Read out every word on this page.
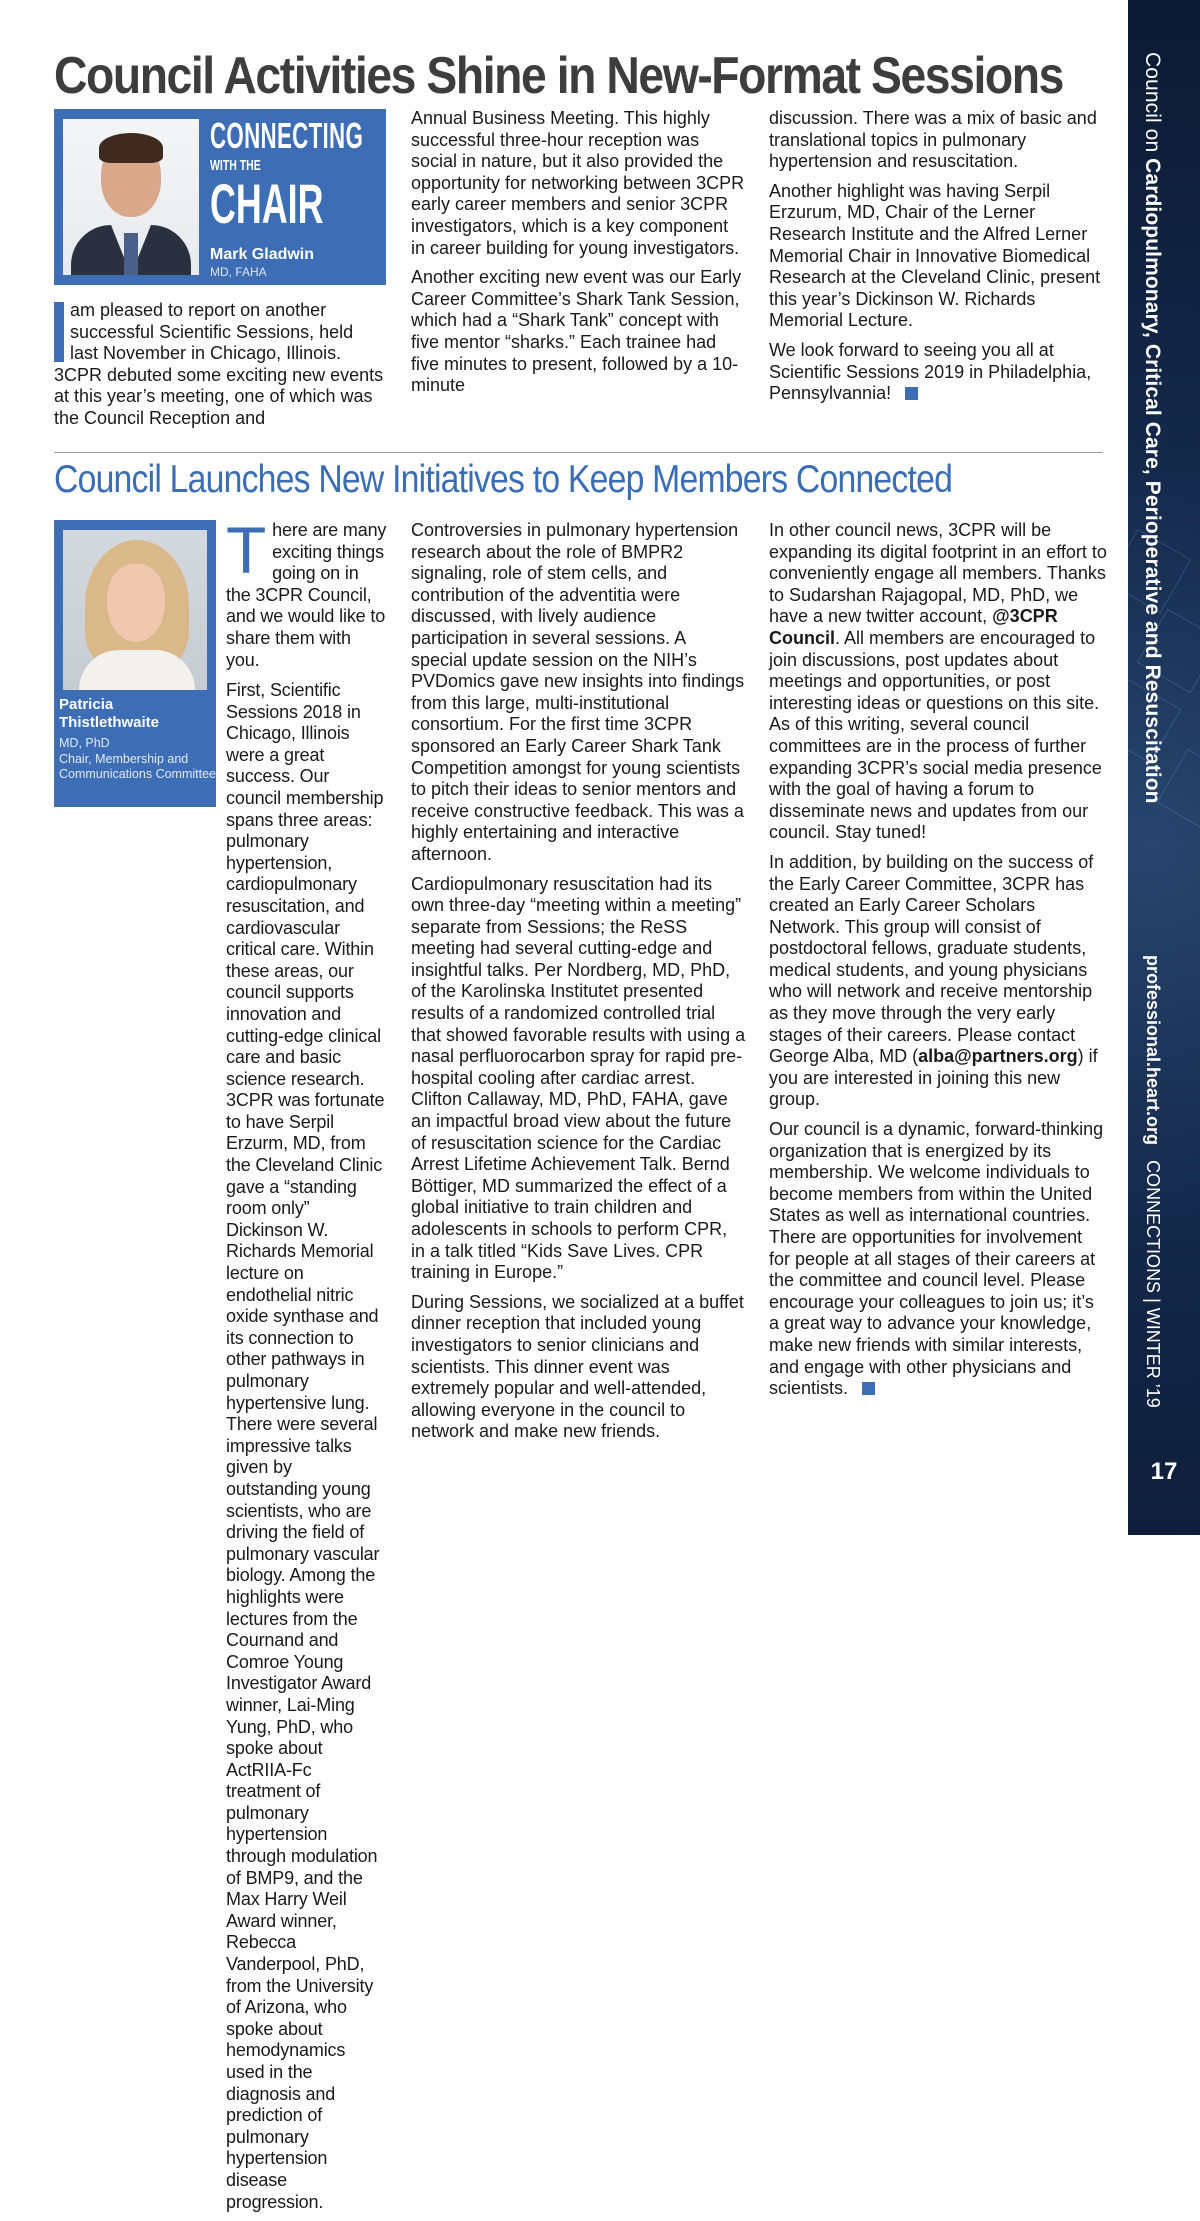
Council Activities Shine in New-Format Sessions
CONNECTING
WITH THE
CHAIR
Mark Gladwin
MD, FAHA

am pleased to report on another successful Scientific Sessions, held last November in Chicago, Illinois. 3CPR debuted some exciting new events at this year’s meeting, one of which was the Council Reception and

Annual Business Meeting. This highly successful three-hour reception was social in nature, but it also provided the opportunity for networking between 3CPR early career members and senior 3CPR investigators, which is a key component in career building for young investigators.

Another exciting new event was our Early Career Committee’s Shark Tank Session, which had a “Shark Tank” concept with five mentor “sharks.” Each trainee had five minutes to present, followed by a 10-minute

discussion. There was a mix of basic and translational topics in pulmonary hypertension and resuscitation.

Another highlight was having Serpil Erzurum, MD, Chair of the Lerner Research Institute and the Alfred Lerner Memorial Chair in Innovative Biomedical Research at the Cleveland Clinic, present this year’s Dickinson W. Richards Memorial Lecture.

We look forward to seeing you all at Scientific Sessions 2019 in Philadelphia, Pennsylvannia!

Council Launches New Initiatives to Keep Members Connected
Patricia Thistlethwaite
MD, PhD
Chair, Membership and Communications Committee

There are many exciting things going on in the 3CPR Council, and we would like to share them with you.

First, Scientific Sessions 2018 in Chicago, Illinois were a great success. Our council membership spans three areas: pulmonary hypertension, cardiopulmonary resuscitation, and cardiovascular critical care. Within these areas, our council supports innovation and cutting-edge clinical care and basic science research. 3CPR was fortunate to have Serpil Erzurm, MD, from the Cleveland Clinic gave a “standing room only” Dickinson W. Richards Memorial lecture on endothelial nitric oxide synthase and its connection to other pathways in pulmonary hypertensive lung. There were several impressive talks given by outstanding young scientists, who are driving the field of pulmonary vascular biology. Among the highlights were lectures from the Cournand and Comroe Young Investigator Award winner, Lai-Ming Yung, PhD, who spoke about ActRIIA-Fc treatment of pulmonary hypertension through modulation of BMP9, and the Max Harry Weil Award winner, Rebecca Vanderpool, PhD, from the University of Arizona, who spoke about hemodynamics used in the diagnosis and prediction of pulmonary hypertension disease progression.

Controversies in pulmonary hypertension research about the role of BMPR2 signaling, role of stem cells, and contribution of the adventitia were discussed, with lively audience participation in several sessions. A special update session on the NIH’s PVDomics gave new insights into findings from this large, multi-institutional consortium. For the first time 3CPR sponsored an Early Career Shark Tank Competition amongst for young scientists to pitch their ideas to senior mentors and receive constructive feedback. This was a highly entertaining and interactive afternoon.

Cardiopulmonary resuscitation had its own three-day “meeting within a meeting” separate from Sessions; the ReSS meeting had several cutting-edge and insightful talks. Per Nordberg, MD, PhD, of the Karolinska Institutet presented results of a randomized controlled trial that showed favorable results with using a nasal perfluorocarbon spray for rapid pre-hospital cooling after cardiac arrest. Clifton Callaway, MD, PhD, FAHA, gave an impactful broad view about the future of resuscitation science for the Cardiac Arrest Lifetime Achievement Talk. Bernd Böttiger, MD summarized the effect of a global initiative to train children and adolescents in schools to perform CPR, in a talk titled “Kids Save Lives. CPR training in Europe.”

During Sessions, we socialized at a buffet dinner reception that included young investigators to senior clinicians and scientists. This dinner event was extremely popular and well-attended, allowing everyone in the council to network and make new friends.

In other council news, 3CPR will be expanding its digital footprint in an effort to conveniently engage all members. Thanks to Sudarshan Rajagopal, MD, PhD, we have a new twitter account, @3CPR Council. All members are encouraged to join discussions, post updates about meetings and opportunities, or post interesting ideas or questions on this site. As of this writing, several council committees are in the process of further expanding 3CPR’s social media presence with the goal of having a forum to disseminate news and updates from our council. Stay tuned!

In addition, by building on the success of the Early Career Committee, 3CPR has created an Early Career Scholars Network. This group will consist of postdoctoral fellows, graduate students, medical students, and young physicians who will network and receive mentorship as they move through the very early stages of their careers. Please contact George Alba, MD (alba@partners.org) if you are interested in joining this new group.

Our council is a dynamic, forward-thinking organization that is energized by its membership. We welcome individuals to become members from within the United States as well as international countries. There are opportunities for involvement for people at all stages of their careers at the committee and council level. Please encourage your colleagues to join us; it’s a great way to advance your knowledge, make new friends with similar interests, and engage with other physicians and scientists.

Council on Cardiopulmonary, Critical Care, Perioperative and Resuscitation
professional.heart.org   CONNECTIONS | WINTER ’19
17
